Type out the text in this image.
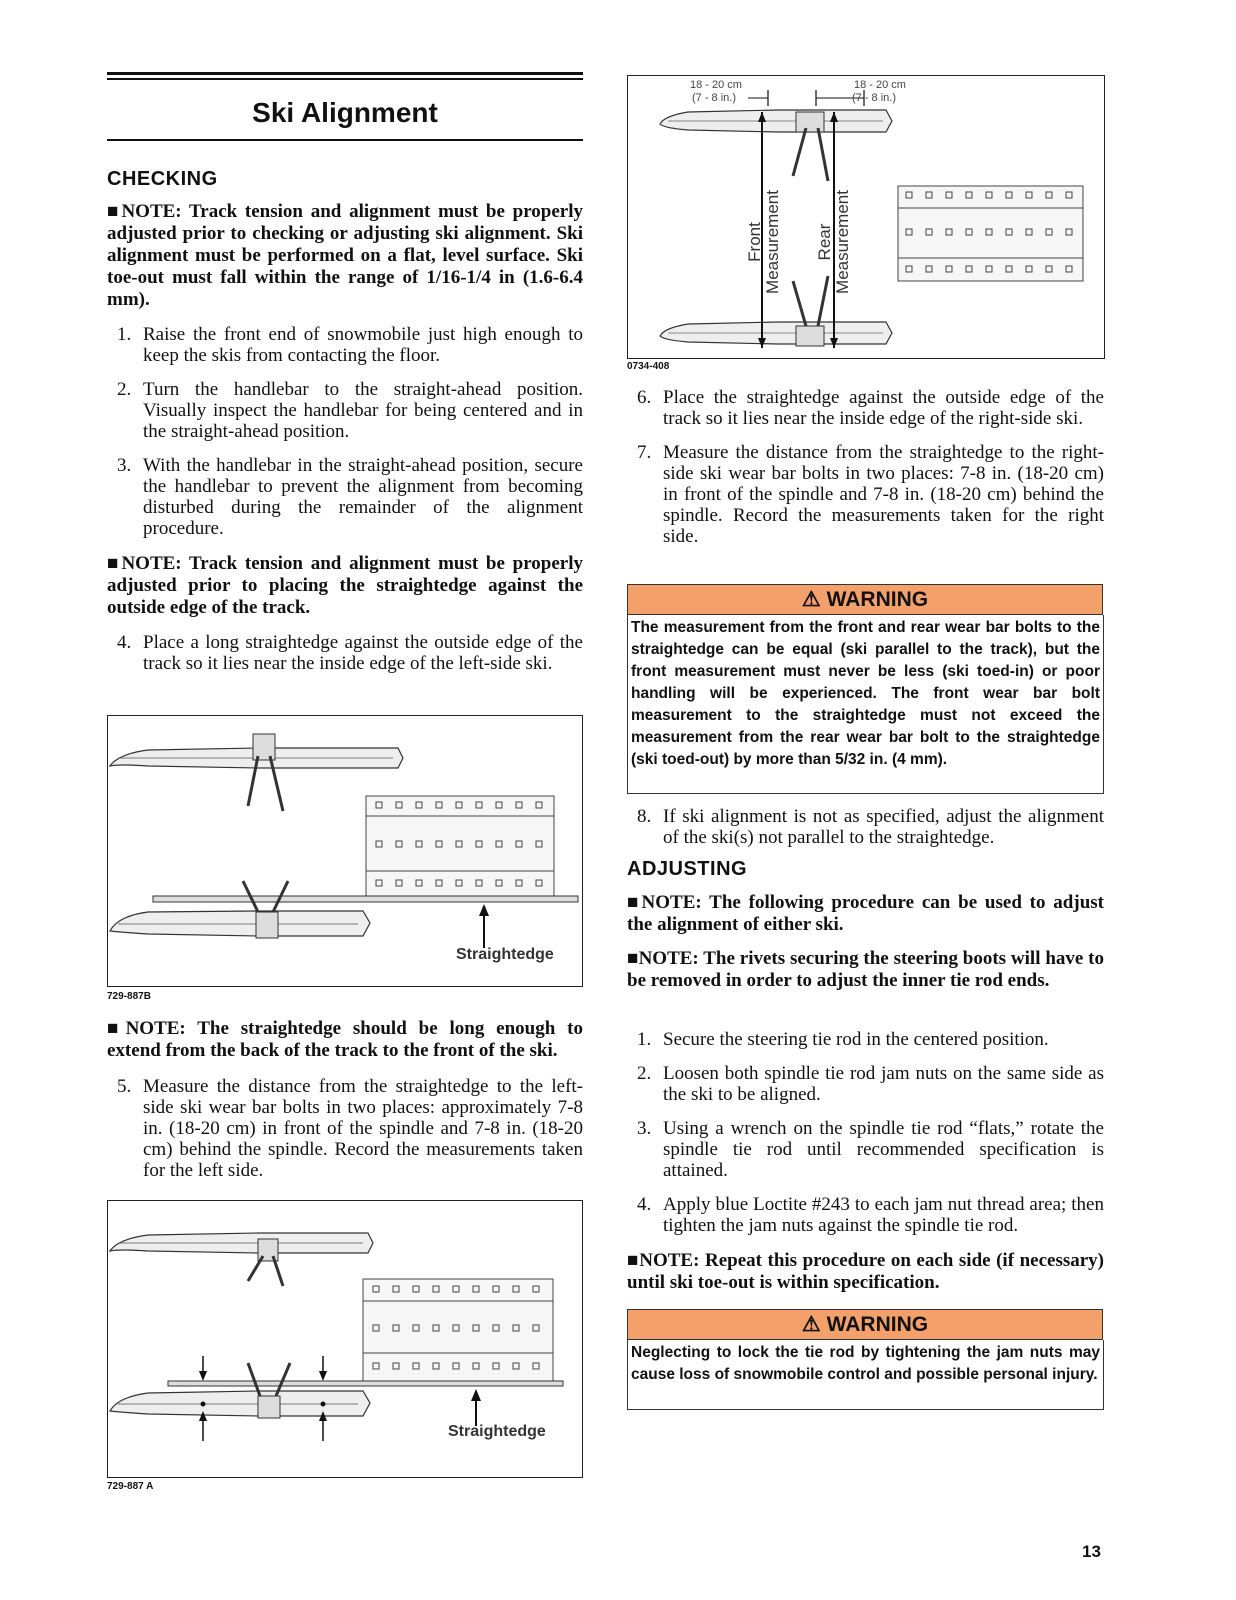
Ski Alignment
CHECKING
■NOTE: Track tension and alignment must be properly adjusted prior to checking or adjusting ski alignment. Ski alignment must be performed on a flat, level surface. Ski toe-out must fall within the range of 1/16-1/4 in (1.6-6.4 mm).
1. Raise the front end of snowmobile just high enough to keep the skis from contacting the floor.
2. Turn the handlebar to the straight-ahead position. Visually inspect the handlebar for being centered and in the straight-ahead position.
3. With the handlebar in the straight-ahead position, secure the handlebar to prevent the alignment from becoming disturbed during the remainder of the alignment procedure.
■NOTE: Track tension and alignment must be properly adjusted prior to placing the straightedge against the outside edge of the track.
4. Place a long straightedge against the outside edge of the track so it lies near the inside edge of the left-side ski.
Straightedge
729-887B
■NOTE: The straightedge should be long enough to extend from the back of the track to the front of the ski.
5. Measure the distance from the straightedge to the left-side ski wear bar bolts in two places: approximately 7-8 in. (18-20 cm) in front of the spindle and 7-8 in. (18-20 cm) behind the spindle. Record the measurements taken for the left side.
Straightedge
729-887 A
18 - 20 cm
(7 - 8 in.)
18 - 20 cm
(7 - 8 in.)
Front Measurement Rear Measurement
0734-408
6. Place the straightedge against the outside edge of the track so it lies near the inside edge of the right-side ski.
7. Measure the distance from the straightedge to the right-side ski wear bar bolts in two places: 7-8 in. (18-20 cm) in front of the spindle and 7-8 in. (18-20 cm) behind the spindle. Record the measurements taken for the right side.
⚠ WARNING
The measurement from the front and rear wear bar bolts to the straightedge can be equal (ski parallel to the track), but the front measurement must never be less (ski toed-in) or poor handling will be experienced. The front wear bar bolt measurement to the straightedge must not exceed the measurement from the rear wear bar bolt to the straightedge (ski toed-out) by more than 5/32 in. (4 mm).
8. If ski alignment is not as specified, adjust the alignment of the ski(s) not parallel to the straightedge.
ADJUSTING
■NOTE: The following procedure can be used to adjust the alignment of either ski.
■NOTE: The rivets securing the steering boots will have to be removed in order to adjust the inner tie rod ends.
1. Secure the steering tie rod in the centered position.
2. Loosen both spindle tie rod jam nuts on the same side as the ski to be aligned.
3. Using a wrench on the spindle tie rod “flats,” rotate the spindle tie rod until recommended specification is attained.
4. Apply blue Loctite #243 to each jam nut thread area; then tighten the jam nuts against the spindle tie rod.
■NOTE: Repeat this procedure on each side (if necessary) until ski toe-out is within specification.
⚠ WARNING
Neglecting to lock the tie rod by tightening the jam nuts may cause loss of snowmobile control and possible personal injury.
13
